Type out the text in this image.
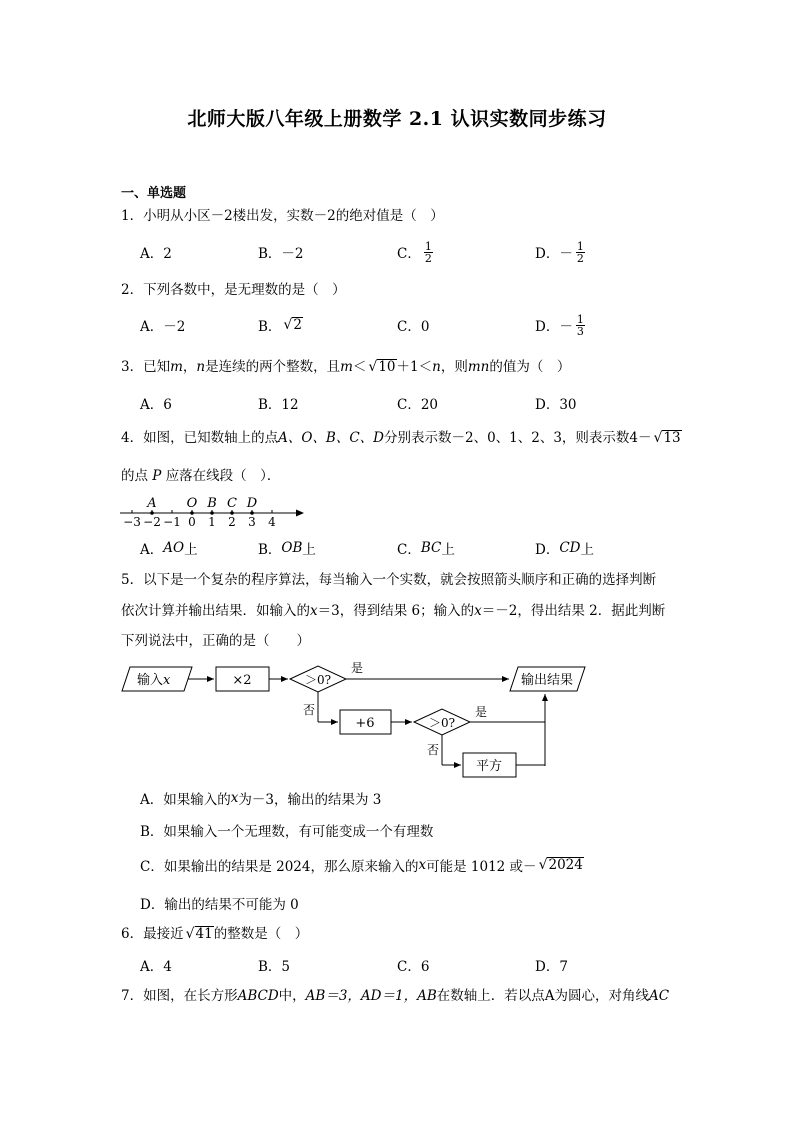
北师大版八年级上册数学 2.1 认识实数同步练习
一、单选题
1．小明从小区－2楼出发，实数－2的绝对值是（　）
A．2	B．－2	C． $\frac{1}{2}$	D．－ $\frac{1}{2}$
2．下列各数中，是无理数的是（　）
A．－2	B． √ 2	C．0	D．－ $\frac{1}{3}$
3．已知 m ， n 是连续的两个整数，且 m ＜ √ 10 ＋1＜ n ，则 mn 的值为（　）
A．6	B．12	C．20	D．30
4．如图，已知数轴上的点 A、O、B、C、D 分别表示数－2、0、1、2、3，则表示数4－ √ 13
的点 P 应落在线段（　）．
−3 −2 −1 0 1 2 3 4
A O B C D
A． AO 上	B． OB 上	C． BC 上	D． CD 上
5．以下是一个复杂的程序算法，每当输入一个实数，就会按照箭头顺序和正确的选择判断
依次计算并输出结果．如输入的x＝3，得到结果 6；输入的x＝－2，得出结果 2．据此判断
下列说法中，正确的是（　　）
输入x	×2	＞0?
是
输出结果
否
+6	＞0?
是
否
平方
A．如果输入的 x 为－3，输出的结果为 3
B．如果输入一个无理数，有可能变成一个有理数
C．如果输出的结果是 2024，那么原来输入的 x 可能是 1012 或－ √ 2024
D．输出的结果不可能为 0
6．最接近 √ 41 的整数是（　）
A．4	B．5	C．6	D．7
7．如图，在长方形ABCD中，AB＝3，AD＝1，AB在数轴上．若以点A为圆心，对角线AC
